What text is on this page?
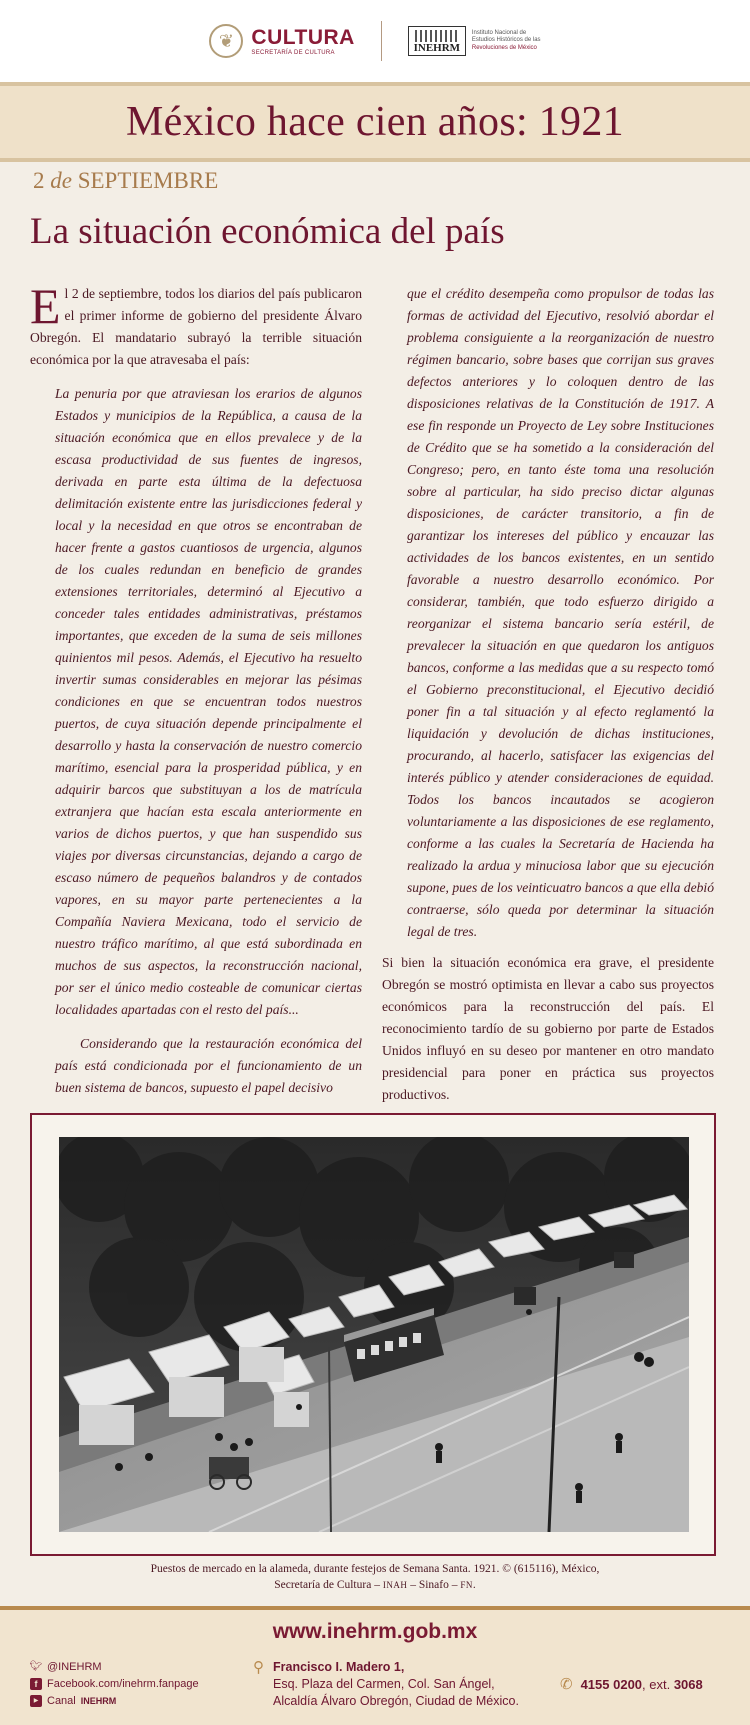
❦ CULTURA
SECRETARÍA DE CULTURA	INEHRM
Instituto Nacional de
Estudios Históricos de las
Revoluciones de México
México hace cien años: 1921
2 de SEPTIEMBRE
La situación económica del país

El 2 de septiembre, todos los diarios del país publicaron el primer informe de gobierno del presidente Álvaro Obregón. El mandatario subrayó la terrible situación económica por la que atravesaba el país:

La penuria por que atraviesan los erarios de algunos Estados y municipios de la República, a causa de la situación económica que en ellos prevalece y de la escasa productividad de sus fuentes de ingresos, derivada en parte esta última de la defectuosa delimitación existente entre las jurisdicciones federal y local y la necesidad en que otros se encontraban de hacer frente a gastos cuantiosos de urgencia, algunos de los cuales redundan en beneficio de grandes extensiones territoriales, determinó al Ejecutivo a conceder tales entidades administrativas, préstamos importantes, que exceden de la suma de seis millones quinientos mil pesos. Además, el Ejecutivo ha resuelto invertir sumas considerables en mejorar las pésimas condiciones en que se encuentran todos nuestros puertos, de cuya situación depende principalmente el desarrollo y hasta la conservación de nuestro comercio marítimo, esencial para la prosperidad pública, y en adquirir barcos que substituyan a los de matrícula extranjera que hacían esta escala anteriormente en varios de dichos puertos, y que han suspendido sus viajes por diversas circunstancias, dejando a cargo de escaso número de pequeños balandros y de contados vapores, en su mayor parte pertenecientes a la Compañía Naviera Mexicana, todo el servicio de nuestro tráfico marítimo, al que está subordinada en muchos de sus aspectos, la reconstrucción nacional, por ser el único medio costeable de comunicar ciertas localidades apartadas con el resto del país...

Considerando que la restauración económica del país está condicionada por el funcionamiento de un buen sistema de bancos, supuesto el papel decisivo

que el crédito desempeña como propulsor de todas las formas de actividad del Ejecutivo, resolvió abordar el problema consiguiente a la reorganización de nuestro régimen bancario, sobre bases que corrijan sus graves defectos anteriores y lo coloquen dentro de las disposiciones relativas de la Constitución de 1917. A ese fin responde un Proyecto de Ley sobre Instituciones de Crédito que se ha sometido a la consideración del Congreso; pero, en tanto éste toma una resolución sobre al particular, ha sido preciso dictar algunas disposiciones, de carácter transitorio, a fin de garantizar los intereses del público y encauzar las actividades de los bancos existentes, en un sentido favorable a nuestro desarrollo económico. Por considerar, también, que todo esfuerzo dirigido a reorganizar el sistema bancario sería estéril, de prevalecer la situación en que quedaron los antiguos bancos, conforme a las medidas que a su respecto tomó el Gobierno preconstitucional, el Ejecutivo decidió poner fin a tal situación y al efecto reglamentó la liquidación y devolución de dichas instituciones, procurando, al hacerlo, satisfacer las exigencias del interés público y atender consideraciones de equidad. Todos los bancos incautados se acogieron voluntariamente a las disposiciones de ese reglamento, conforme a las cuales la Secretaría de Hacienda ha realizado la ardua y minuciosa labor que su ejecución supone, pues de los veinticuatro bancos a que ella debió contraerse, sólo queda por determinar la situación legal de tres.

Si bien la situación económica era grave, el presidente Obregón se mostró optimista en llevar a cabo sus proyectos económicos para la reconstrucción del país. El reconocimiento tardío de su gobierno por parte de Estados Unidos influyó en su deseo por mantener en otro mandato presidencial para poner en práctica sus proyectos productivos.

Puestos de mercado en la alameda, durante festejos de Semana Santa. 1921. © (615116), México,
Secretaría de Cultura – INAH – Sinafo – FN.
www.inehrm.gob.mx
🐦︎ @INEHRM
f Facebook.com/inehrm.fanpage
▶ Canal INEHRM
⚲ Francisco I. Madero 1,
Esq. Plaza del Carmen, Col. San Ángel,
Alcaldía Álvaro Obregón, Ciudad de México.
✆ 4155 0200, ext. 3068
